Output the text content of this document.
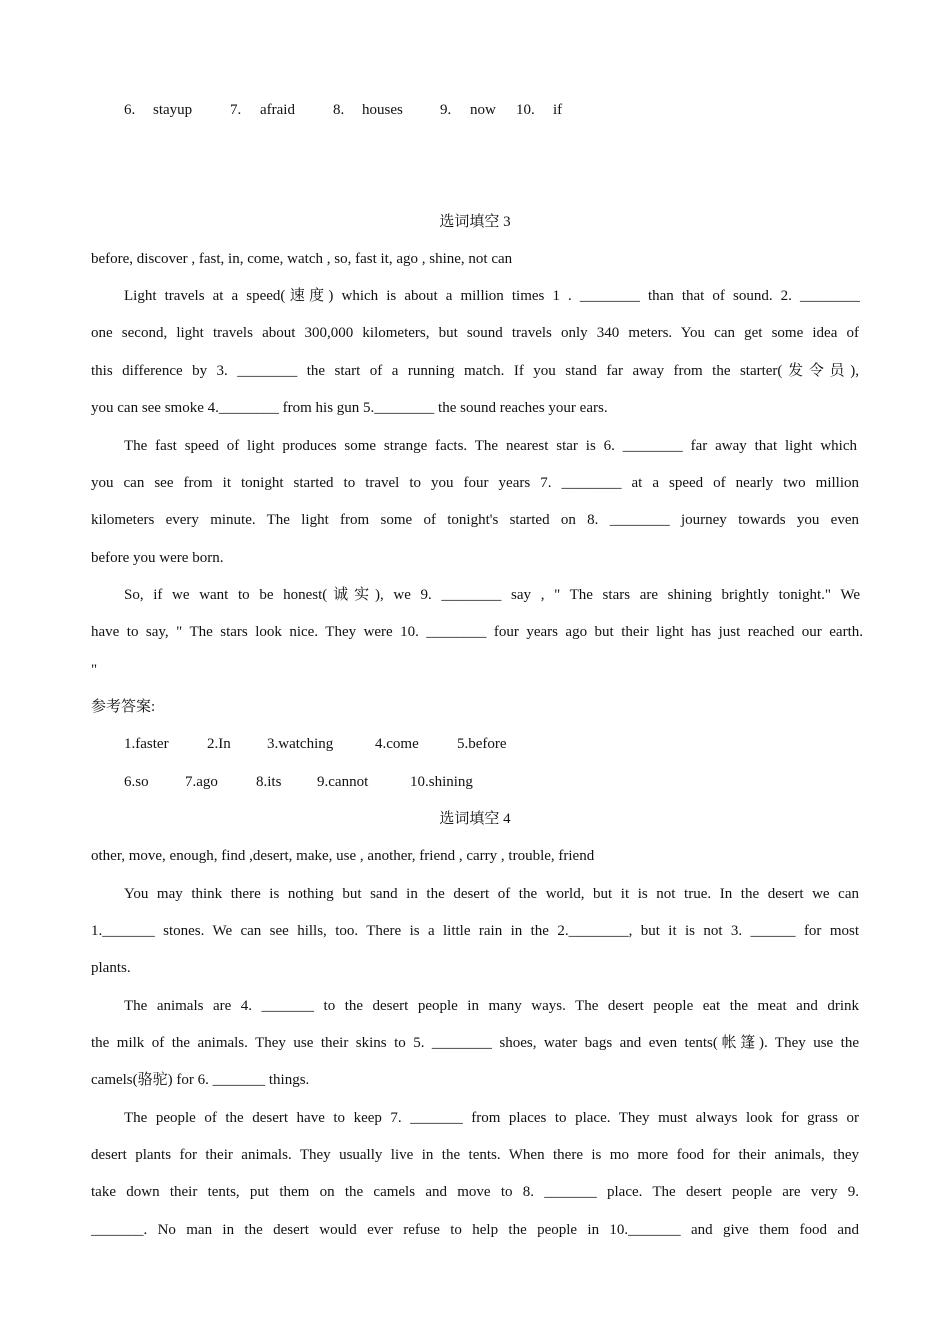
6. stayup	7. afraid	8. houses 9. now 10. if
选词填空 3
before, discover , fast, in, come, watch , so, fast it, ago , shine, not can
Light travels at a speed(速度) which is about a million times 1 . ________ than that of sound. 2. ________
one second, light travels about 300,000 kilometers, but sound travels only 340 meters. You can get some idea of
this difference by 3. ________ the start of a running match. If you stand far away from the starter(发令员),
you can see smoke 4.________ from his gun 5.________ the sound reaches your ears.
The fast speed of light produces some strange facts. The nearest star is 6. ________ far away that light which
you can see from it tonight started to travel to you four years 7. ________ at a speed of nearly two million
kilometers every minute. The light from some of tonight's started on 8. ________ journey towards you even
before you were born.
So, if we want to be honest(诚实), we 9. ________ say , " The stars are shining brightly tonight." We
have to say, " The stars look nice. They were 10. ________ four years ago but their light has just reached our earth.
"
参考答案:
1.faster	2.In 3.watching	4.come	5.before
6.so 7.ago	8.its 9.cannot	10.shining
选词填空 4
other, move, enough, find ,desert, make, use , another, friend , carry , trouble, friend
You may think there is nothing but sand in the desert of the world, but it is not true. In the desert we can
1._______ stones. We can see hills, too. There is a little rain in the 2.________, but it is not 3. ______ for most
plants.
The animals are 4. _______ to the desert people in many ways. The desert people eat the meat and drink
the milk of the animals. They use their skins to 5. ________ shoes, water bags and even tents(帐篷). They use the
camels(骆驼) for 6. _______ things.
The people of the desert have to keep 7. _______ from places to place. They must always look for grass or
desert plants for their animals. They usually live in the tents. When there is mo more food for their animals, they
take down their tents, put them on the camels and move to 8. _______ place. The desert people are very 9.
_______. No man in the desert would ever refuse to help the people in 10._______ and give them food and
